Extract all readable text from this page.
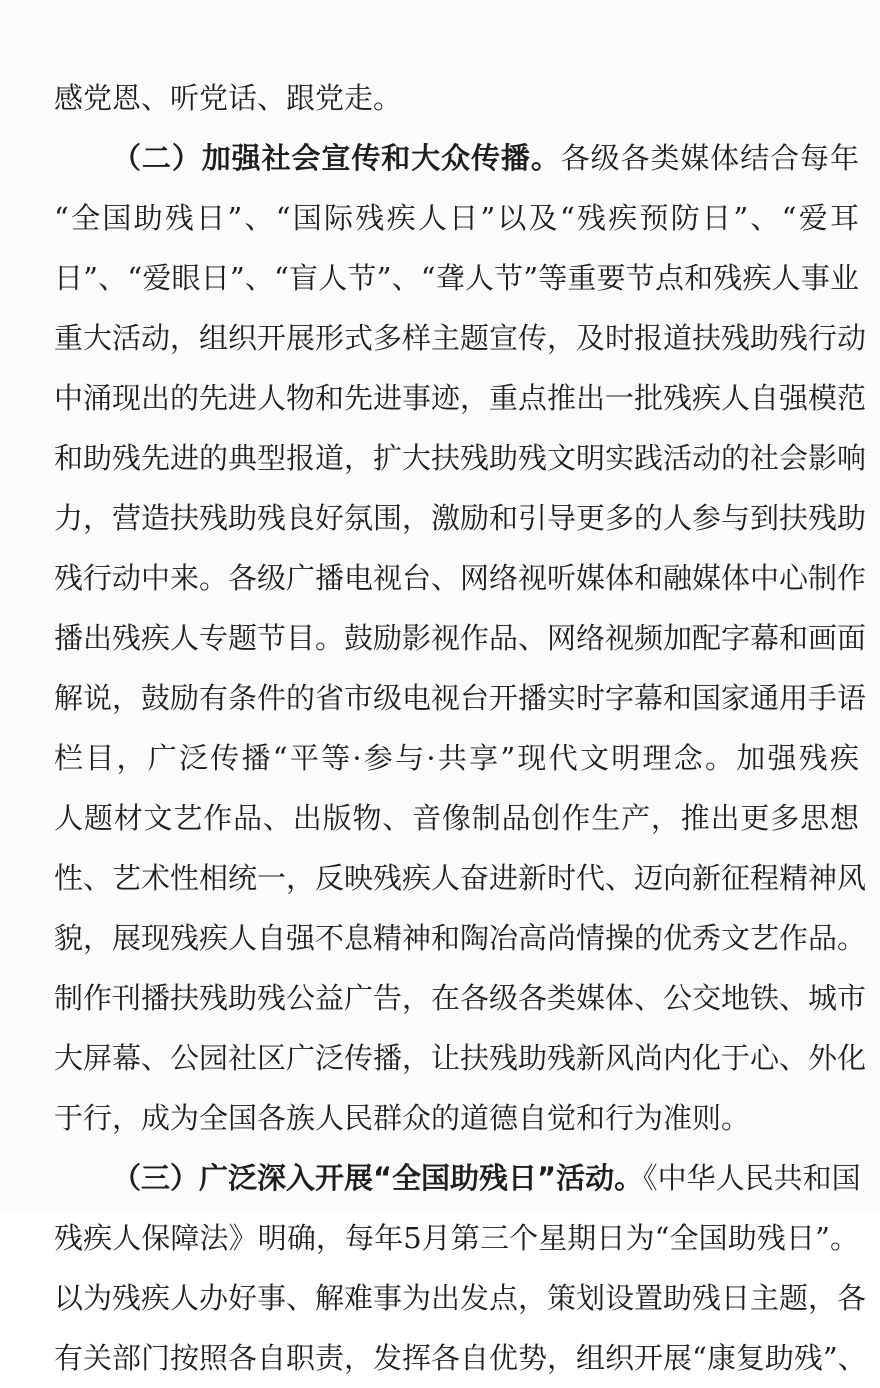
感党恩、听党话、跟党走。
（二）加强社会宣传和大众传播。各级各类媒体结合每年
“全国助残日”、“国际残疾人日”以及“残疾预防日”、“爱耳
日”、“爱眼日”、“盲人节”、“聋人节”等重要节点和残疾人事业
重大活动，组织开展形式多样主题宣传，及时报道扶残助残行动
中涌现出的先进人物和先进事迹，重点推出一批残疾人自强模范
和助残先进的典型报道，扩大扶残助残文明实践活动的社会影响
力，营造扶残助残良好氛围，激励和引导更多的人参与到扶残助
残行动中来。各级广播电视台、网络视听媒体和融媒体中心制作
播出残疾人专题节目。鼓励影视作品、网络视频加配字幕和画面
解说，鼓励有条件的省市级电视台开播实时字幕和国家通用手语
栏目，广泛传播“平等·参与·共享”现代文明理念。加强残疾
人题材文艺作品、出版物、音像制品创作生产，推出更多思想
性、艺术性相统一，反映残疾人奋进新时代、迈向新征程精神风
貌，展现残疾人自强不息精神和陶冶高尚情操的优秀文艺作品。
制作刊播扶残助残公益广告，在各级各类媒体、公交地铁、城市
大屏幕、公园社区广泛传播，让扶残助残新风尚内化于心、外化
于行，成为全国各族人民群众的道德自觉和行为准则。
（三）广泛深入开展“全国助残日”活动。《中华人民共和国
残疾人保障法》明确，每年5月第三个星期日为“全国助残日”。
以为残疾人办好事、解难事为出发点，策划设置助残日主题，各
有关部门按照各自职责，发挥各自优势，组织开展“康复助残”、
